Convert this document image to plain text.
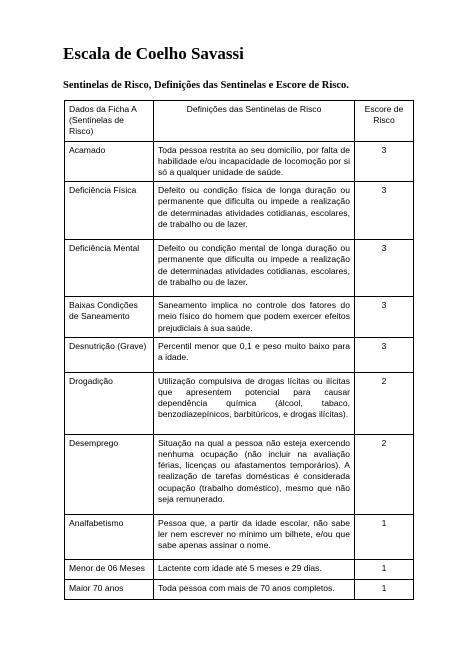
Escala de Coelho Savassi
Sentinelas de Risco, Definições das Sentinelas e Escore de Risco.
Dados da Ficha A (Sentinelas de Risco)	Definições das Sentinelas de Risco	Escore de Risco
Acamado	Toda pessoa restrita ao seu domicílio, por falta de habilidade e/ou incapacidade de locomoção por si só a qualquer unidade de saúde.	3
Deficiência Física	Defeito ou condição física de longa duração ou permanente que dificulta ou impede a realização de determinadas atividades cotidianas, escolares, de trabalho ou de lazer.	3
Deficiência Mental	Defeito ou condição mental de longa duração ou permanente que dificulta ou impede a realização de determinadas atividades cotidianas, escolares, de trabalho ou de lazer.	3
Baixas Condições de Saneamento	Saneamento implica no controle dos fatores do meio físico do homem que podem exercer efeitos prejudiciais à sua saúde.	3
Desnutrição (Grave)	Percentil menor que 0,1 e peso muito baixo para a idade.	3
Drogadição	Utilização compulsiva de drogas lícitas ou ilícitas que apresentem potencial para causar dependência química (álcool, tabaco, benzodiazepínicos, barbitúricos, e drogas ilícitas).	2
Desemprego	Situação na qual a pessoa não esteja exercendo nenhuma ocupação (não incluir na avaliação férias, licenças ou afastamentos temporários). A realização de tarefas domésticas é considerada ocupação (trabalho doméstico), mesmo que não seja remunerado.	2
Analfabetismo	Pessoa que, a partir da idade escolar, não sabe ler nem escrever no mínimo um bilhete, e/ou que sabe apenas assinar o nome.	1
Menor de 06 Meses	Lactente com idade até 5 meses e 29 dias.	1
Maior 70 anos	Toda pessoa com mais de 70 anos completos.	1
